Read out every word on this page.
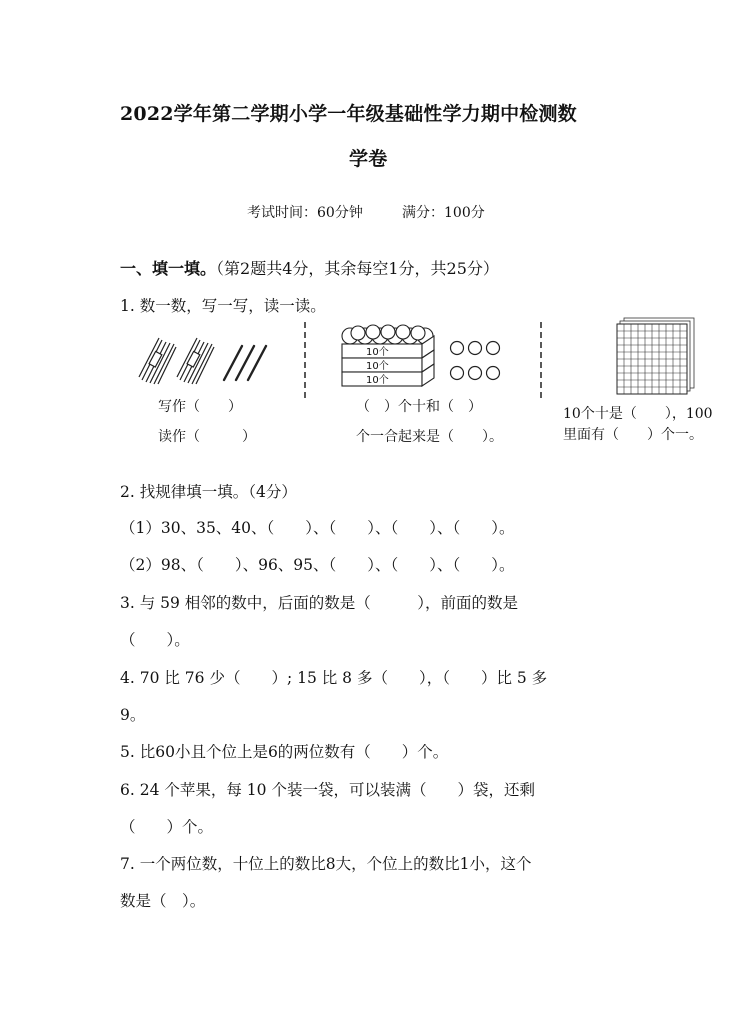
2022学年第二学期小学一年级基础性学力期中检测数
学卷
考试时间：60分钟	满分：100分
一、填一填。（第2题共4分，其余每空1分，共25分）
1. 数一数，写一写，读一读。
写作（　　）
读作（　　　）
10个
10个
10个
（　）个十和（　）
个一合起来是（　　）。
10个十是（　　），100
里面有（　　）个一。
2. 找规律填一填。（4分）
（1）30、35、40、（　　）、（　　）、（　　）、（　　）。
（2）98、（　　）、96、95、（　　）、（　　）、（　　）。
3. 与 59 相邻的数中，后面的数是（　　　），前面的数是
（　　）。
4. 70 比 76 少（　　）; 15 比 8 多（　　），（　　）比 5 多
9。
5. 比60小且个位上是6的两位数有（　　）个。
6. 24 个苹果，每 10 个装一袋，可以装满（　　）袋，还剩
（　　）个。
7. 一个两位数，十位上的数比8大，个位上的数比1小，这个
数是（　）。
